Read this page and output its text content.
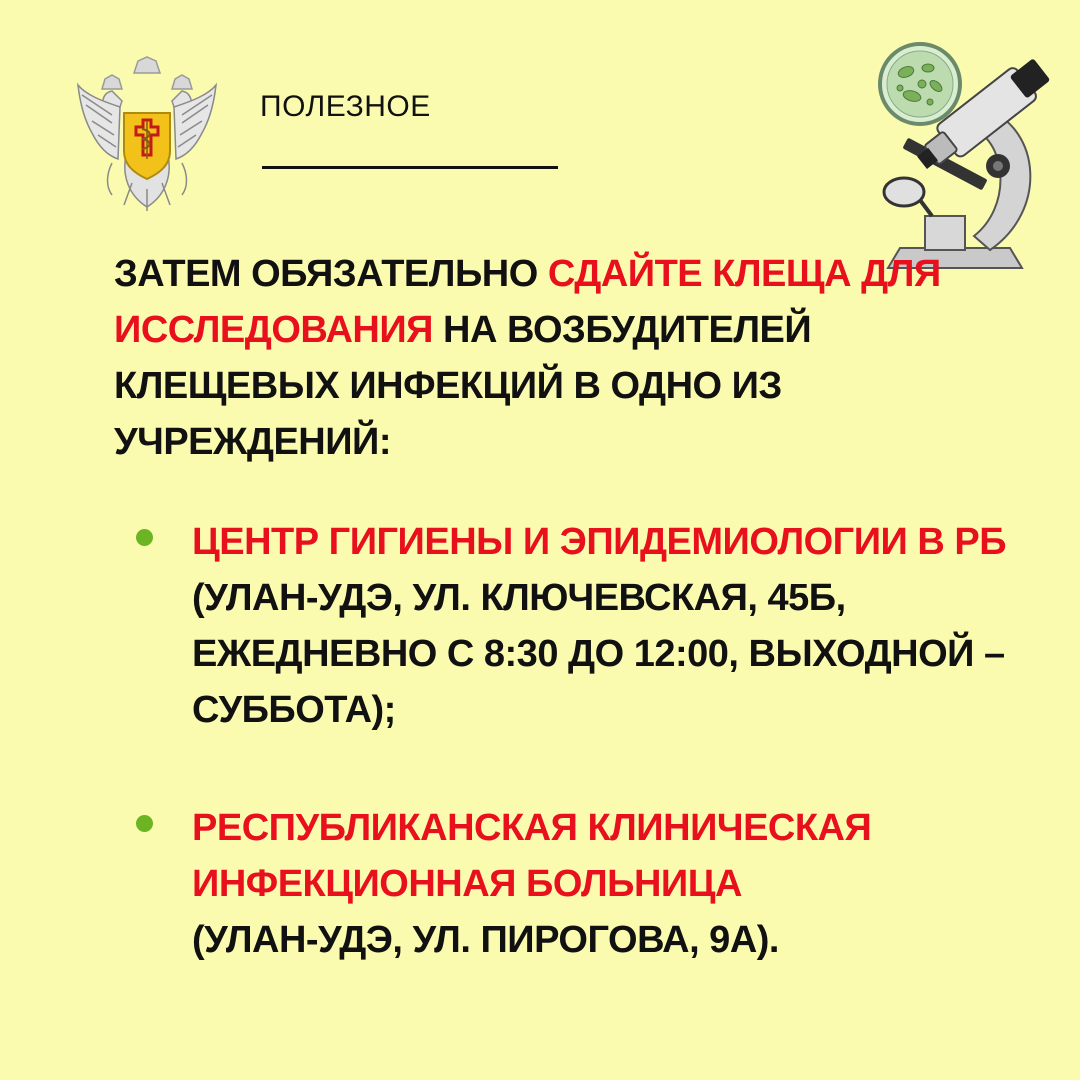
ПОЛЕЗНОЕ
ЗАТЕМ ОБЯЗАТЕЛЬНО СДАЙТЕ КЛЕЩА ДЛЯ ИССЛЕДОВАНИЯ НА ВОЗБУДИТЕЛЕЙ КЛЕЩЕВЫХ ИНФЕКЦИЙ В ОДНО ИЗ УЧРЕЖДЕНИЙ:
ЦЕНТР ГИГИЕНЫ И ЭПИДЕМИОЛОГИИ В РБ
(УЛАН-УДЭ, УЛ. КЛЮЧЕВСКАЯ, 45Б, ЕЖЕДНЕВНО С 8:30 ДО 12:00, ВЫХОДНОЙ – СУББОТА);
РЕСПУБЛИКАНСКАЯ КЛИНИЧЕСКАЯ ИНФЕКЦИОННАЯ БОЛЬНИЦА
(УЛАН-УДЭ, УЛ. ПИРОГОВА, 9А).
